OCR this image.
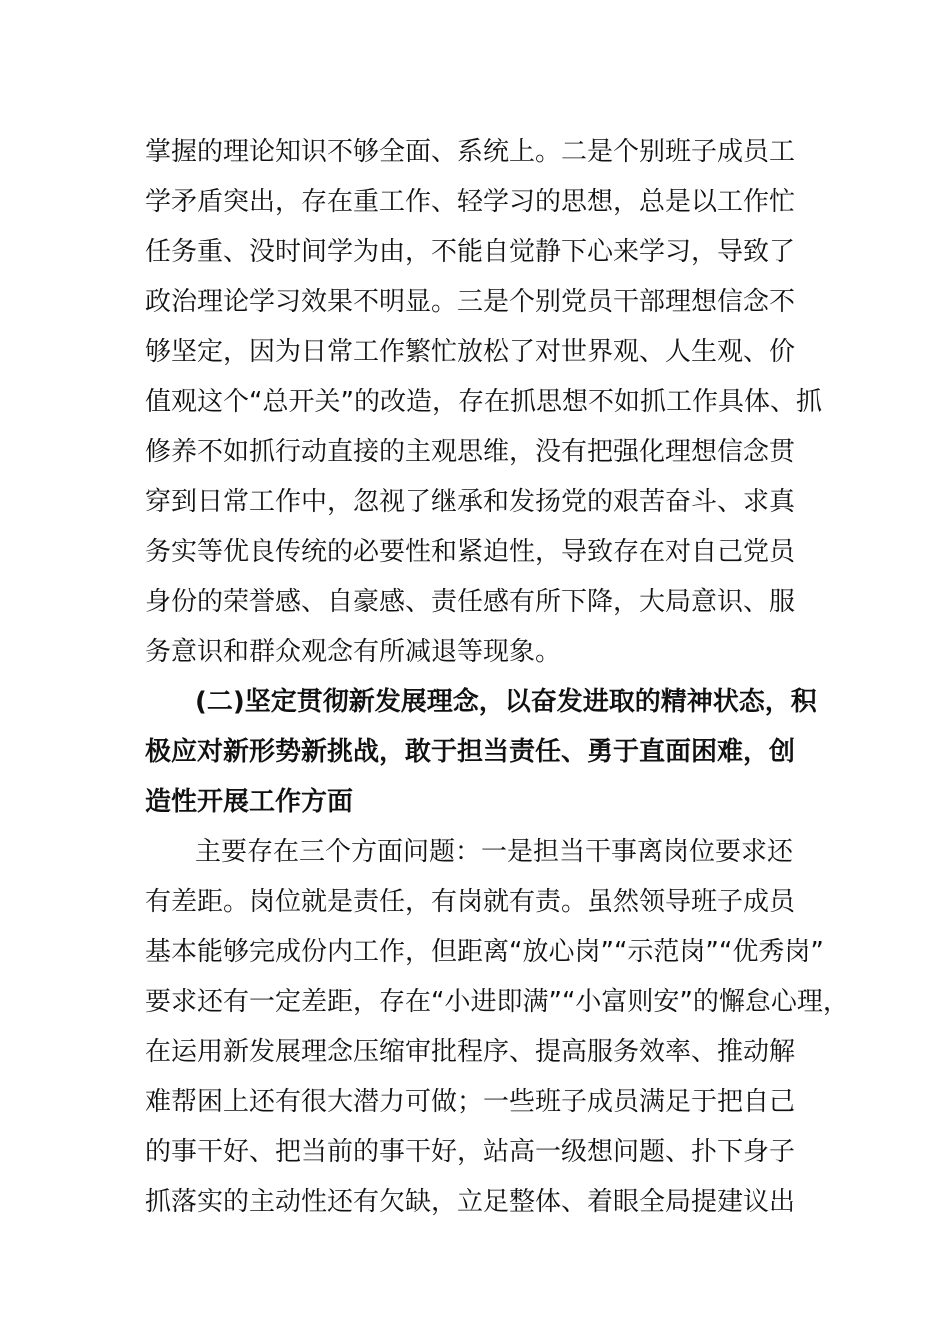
掌握的理论知识不够全面、系统上。二是个别班子成员工

学矛盾突出，存在重工作、轻学习的思想，总是以工作忙

任务重、没时间学为由，不能自觉静下心来学习，导致了

政治理论学习效果不明显。三是个别党员干部理想信念不

够坚定，因为日常工作繁忙放松了对世界观、人生观、价

值观这个“总开关”的改造，存在抓思想不如抓工作具体、抓

修养不如抓行动直接的主观思维，没有把强化理想信念贯

穿到日常工作中，忽视了继承和发扬党的艰苦奋斗、求真

务实等优良传统的必要性和紧迫性，导致存在对自己党员

身份的荣誉感、自豪感、责任感有所下降，大局意识、服

务意识和群众观念有所减退等现象。

(二)坚定贯彻新发展理念，以奋发进取的精神状态，积

极应对新形势新挑战，敢于担当责任、勇于直面困难，创

造性开展工作方面

主要存在三个方面问题：一是担当干事离岗位要求还

有差距。岗位就是责任，有岗就有责。虽然领导班子成员

基本能够完成份内工作，但距离“放心岗”“示范岗”“优秀岗”

要求还有一定差距，存在“小进即满”“小富则安”的懈怠心理，

在运用新发展理念压缩审批程序、提高服务效率、推动解

难帮困上还有很大潜力可做；一些班子成员满足于把自己

的事干好、把当前的事干好，站高一级想问题、扑下身子

抓落实的主动性还有欠缺，立足整体、着眼全局提建议出
